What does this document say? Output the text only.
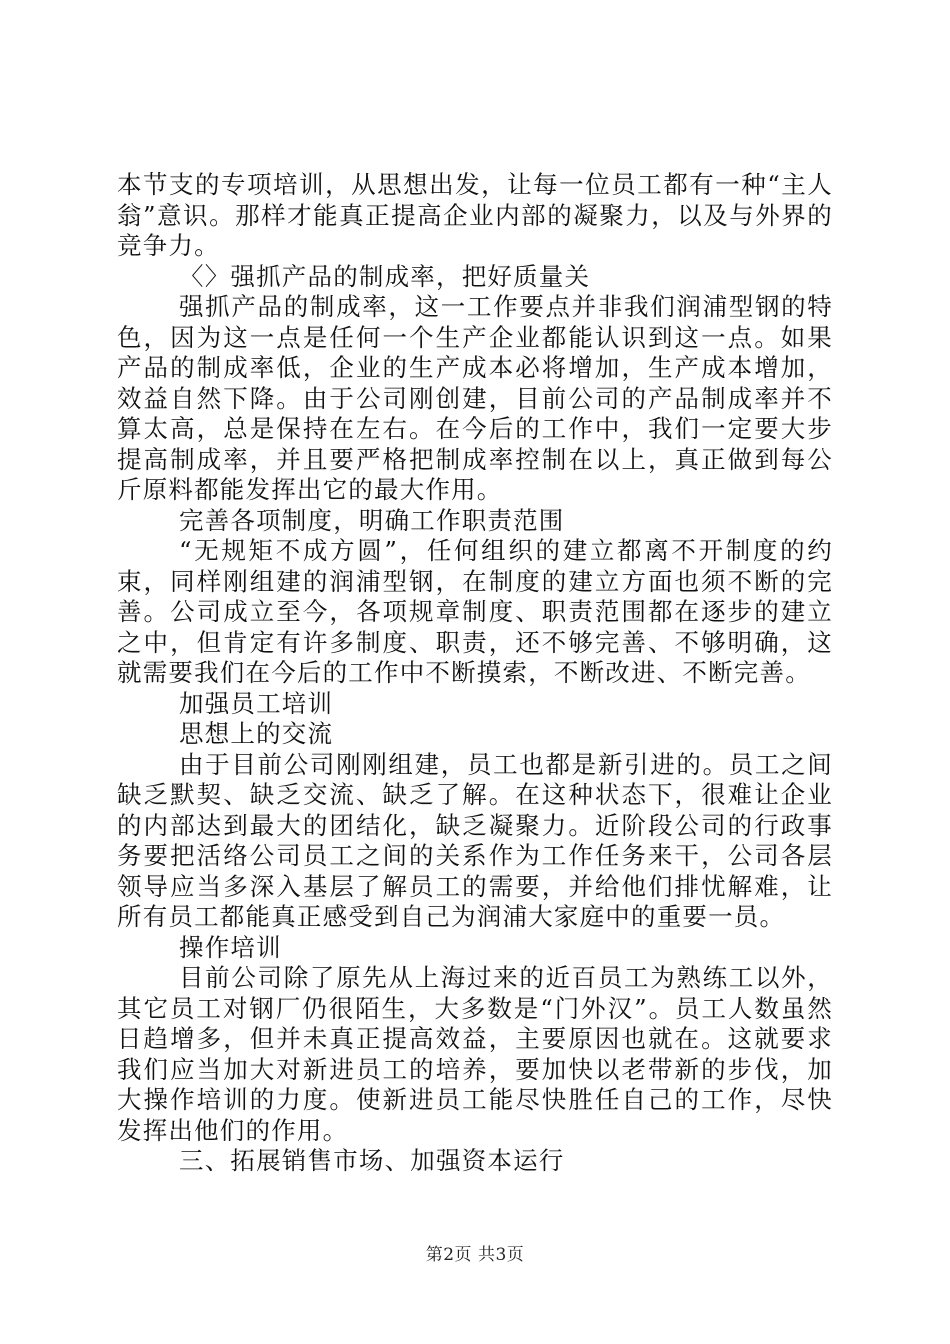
本节支的专项培训，从思想出发，让每一位员工都有一种“主人翁”意识。那样才能真正提高企业内部的凝聚力，以及与外界的竞争力。

〈〉强抓产品的制成率，把好质量关

强抓产品的制成率，这一工作要点并非我们润浦型钢的特色，因为这一点是任何一个生产企业都能认识到这一点。如果产品的制成率低，企业的生产成本必将增加，生产成本增加，效益自然下降。由于公司刚创建，目前公司的产品制成率并不算太高，总是保持在左右。在今后的工作中，我们一定要大步提高制成率，并且要严格把制成率控制在以上，真正做到每公斤原料都能发挥出它的最大作用。

完善各项制度，明确工作职责范围

“无规矩不成方圆”，任何组织的建立都离不开制度的约束，同样刚组建的润浦型钢，在制度的建立方面也须不断的完善。公司成立至今，各项规章制度、职责范围都在逐步的建立之中，但肯定有许多制度、职责，还不够完善、不够明确，这就需要我们在今后的工作中不断摸索，不断改进、不断完善。

加强员工培训

思想上的交流

由于目前公司刚刚组建，员工也都是新引进的。员工之间缺乏默契、缺乏交流、缺乏了解。在这种状态下，很难让企业的内部达到最大的团结化，缺乏凝聚力。近阶段公司的行政事务要把活络公司员工之间的关系作为工作任务来干，公司各层领导应当多深入基层了解员工的需要，并给他们排忧解难，让所有员工都能真正感受到自己为润浦大家庭中的重要一员。

操作培训

目前公司除了原先从上海过来的近百员工为熟练工以外，其它员工对钢厂仍很陌生，大多数是“门外汉”。员工人数虽然日趋增多，但并未真正提高效益，主要原因也就在。这就要求我们应当加大对新进员工的培养，要加快以老带新的步伐，加大操作培训的力度。使新进员工能尽快胜任自己的工作，尽快发挥出他们的作用。

三、拓展销售市场、加强资本运行

第2页 共3页
